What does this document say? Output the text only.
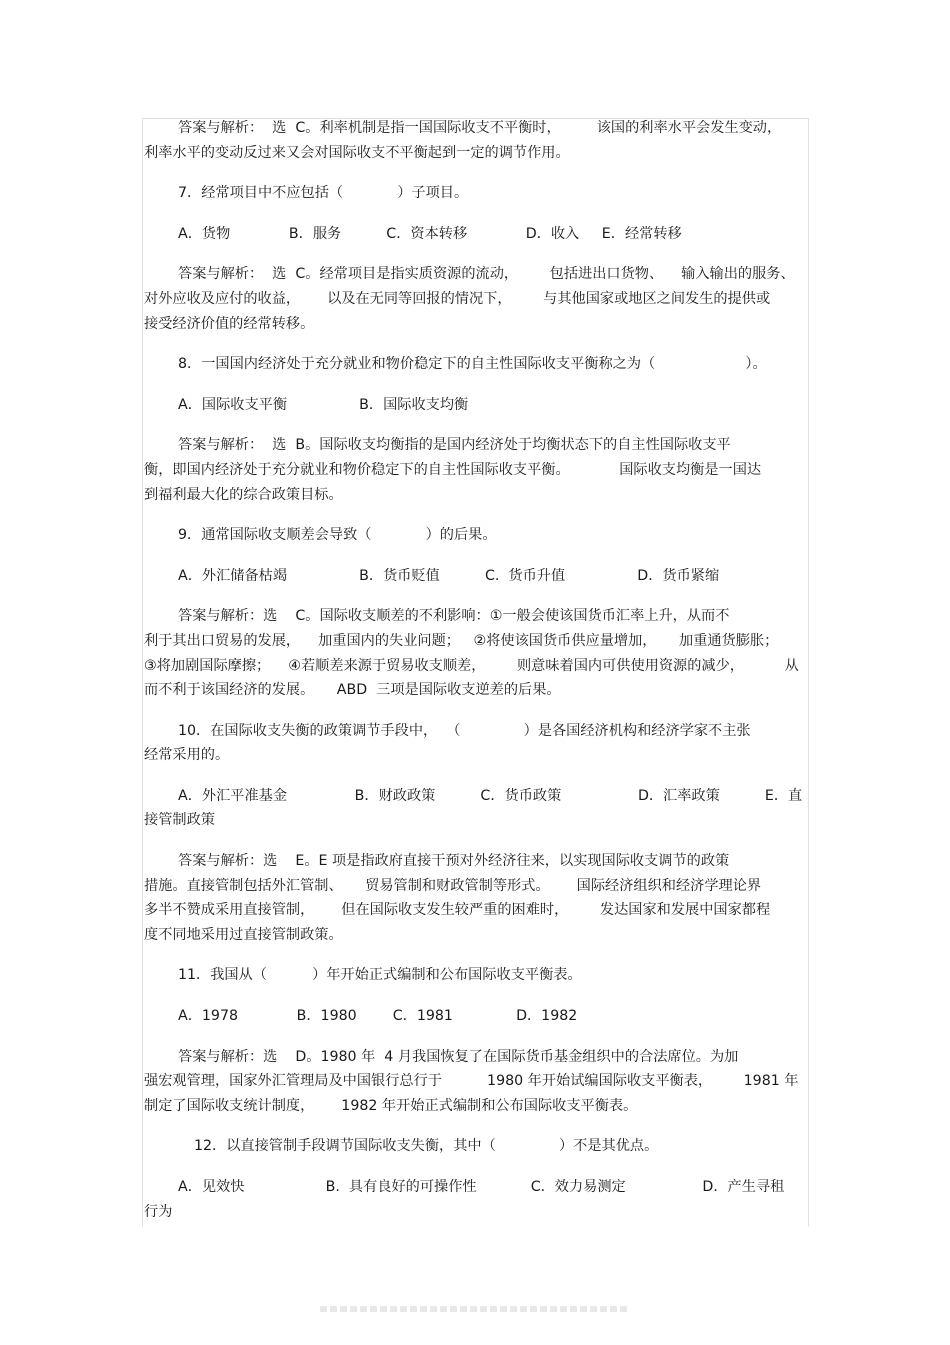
答案与解析：  选  C。利率机制是指一国国际收支不平衡时，        该国的利率水平会发生变动，
利率水平的变动反过来又会对国际收支不平衡起到一定的调节作用。
7．经常项目中不应包括（            ）子项目。
A．货物             B．服务          C．资本转移             D．收入     E．经常转移
答案与解析：  选  C。经常项目是指实质资源的流动，       包括进出口货物、    输入输出的服务、
对外应收及应付的收益，      以及在无同等回报的情况下，       与其他国家或地区之间发生的提供或
接受经济价值的经常转移。
8．一国国内经济处于充分就业和物价稳定下的自主性国际收支平衡称之为（                    ）。
A．国际收支平衡                B．国际收支均衡
答案与解析：  选  B。国际收支均衡指的是国内经济处于均衡状态下的自主性国际收支平
衡，即国内经济处于充分就业和物价稳定下的自主性国际收支平衡。           国际收支均衡是一国达
到福利最大化的综合政策目标。
9．通常国际收支顺差会导致（            ）的后果。
A．外汇储备枯竭                B．货币贬值          C.  货币升值                D．货币紧缩
答案与解析：选    C。国际收支顺差的不利影响：①一般会使该国货币汇率上升，从而不
利于其出口贸易的发展，    加重国内的失业问题；   ②将使该国货币供应量增加，     加重通货膨胀；
③将加剧国际摩擦；    ④若顺差来源于贸易收支顺差，       则意味着国内可供使用资源的减少，         从
而不利于该国经济的发展。     ABD  三项是国际收支逆差的后果。
10．在国际收支失衡的政策调节手段中，  （              ）是各国经济机构和经济学家不主张
经常采用的。
A．外汇平准基金               B．财政政策          C．货币政策                 D．汇率政策          E．直
接管制政策
答案与解析：选    E。E 项是指政府直接干预对外经济往来，以实现国际收支调节的政策
措施。直接管制包括外汇管制、     贸易管制和财政管制等形式。      国际经济组织和经济学理论界
多半不赞成采用直接管制，      但在国际收支发生较严重的困难时，       发达国家和发展中国家都程
度不同地采用过直接管制政策。
11．我国从（          ）年开始正式编制和公布国际收支平衡表。
A．1978             B．1980        C．1981              D．1982
答案与解析：选    D。1980 年  4 月我国恢复了在国际货币基金组织中的合法席位。为加
强宏观管理，国家外汇管理局及中国银行总行于          1980 年开始试编国际收支平衡表，       1981 年
制定了国际收支统计制度，      1982 年开始正式编制和公布国际收支平衡表。
12．以直接管制手段调节国际收支失衡，其中（              ）不是其优点。
A．见效快                  B.  具有良好的可操作性            C．效力易测定                 D．产生寻租
行为
